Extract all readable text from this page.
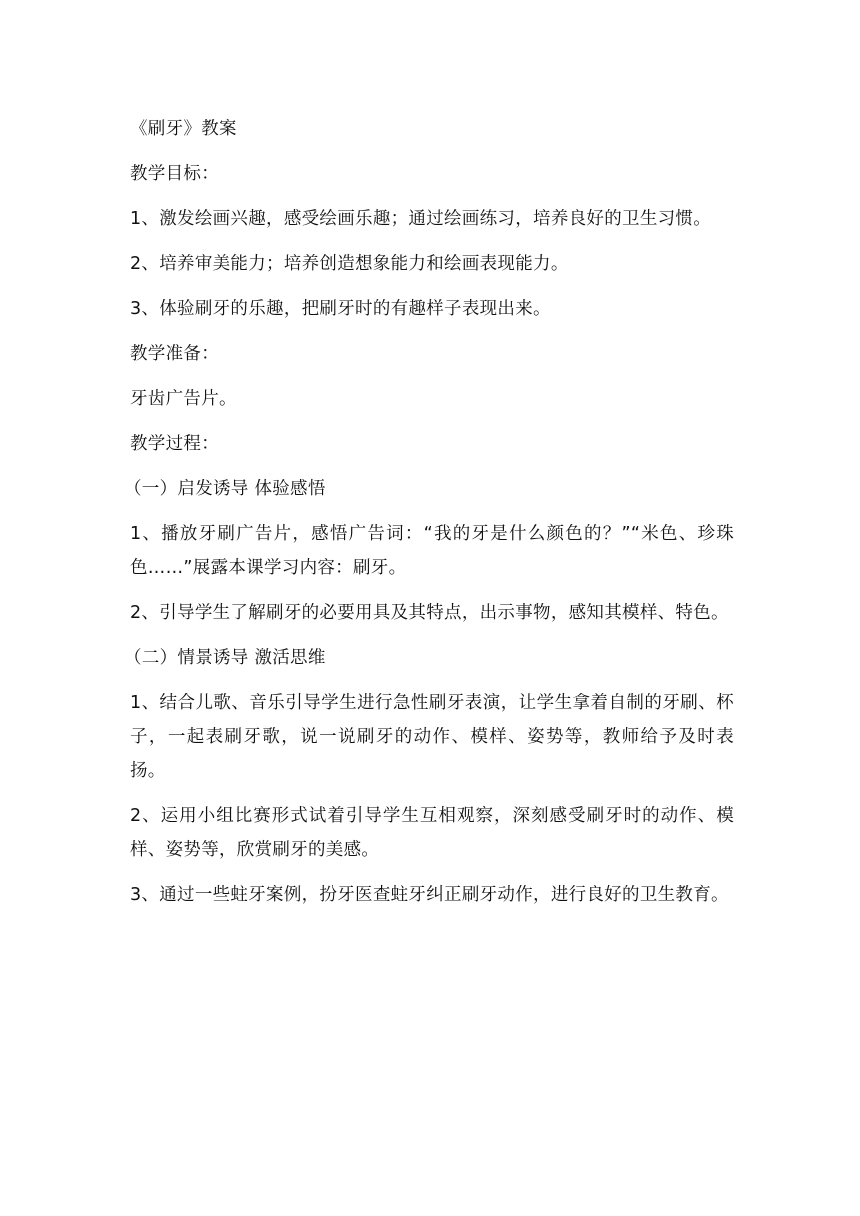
《刷牙》教案

教学目标：

1、激发绘画兴趣，感受绘画乐趣；通过绘画练习，培养良好的卫生习惯。

2、培养审美能力；培养创造想象能力和绘画表现能力。

3、体验刷牙的乐趣，把刷牙时的有趣样子表现出来。

教学准备：

牙齿广告片。

教学过程：

（一）启发诱导 体验感悟

1、播放牙刷广告片，感悟广告词：“我的牙是什么颜色的？”“米色、珍珠色……”展露本课学习内容：刷牙。

2、引导学生了解刷牙的必要用具及其特点，出示事物，感知其模样、特色。

（二）情景诱导 激活思维

1、结合儿歌、音乐引导学生进行急性刷牙表演，让学生拿着自制的牙刷、杯子，一起表刷牙歌，说一说刷牙的动作、模样、姿势等，教师给予及时表扬。

2、运用小组比赛形式试着引导学生互相观察，深刻感受刷牙时的动作、模样、姿势等，欣赏刷牙的美感。

3、通过一些蛀牙案例，扮牙医查蛀牙纠正刷牙动作，进行良好的卫生教育。
